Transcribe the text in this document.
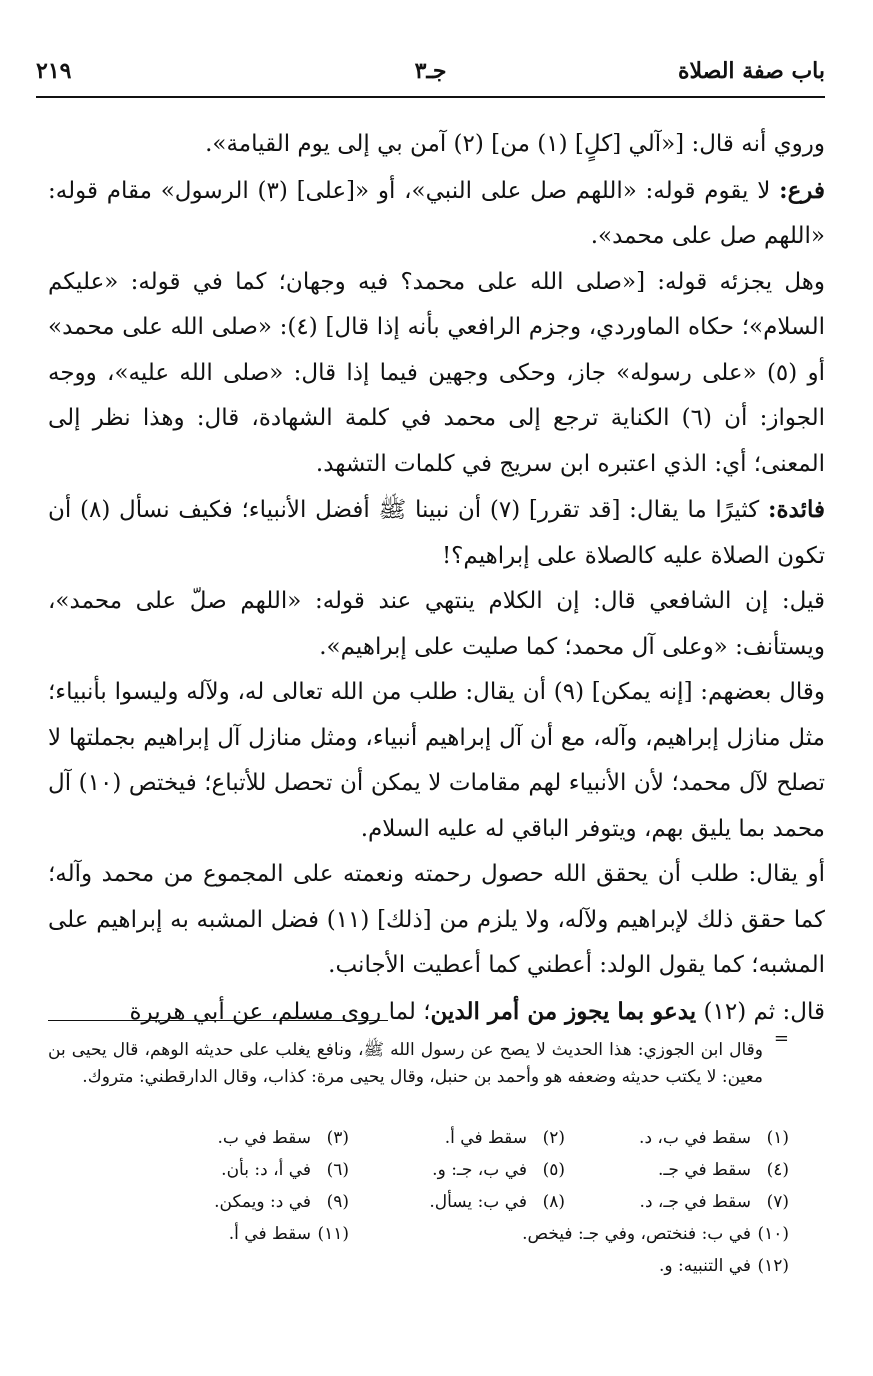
باب صفة الصلاة
جـ٣
٢١٩

وروي أنه قال: [«آلي [كلٍ] (١) من] (٢) آمن بي إلى يوم القيامة».

فرع: لا يقوم قوله: «اللهم صل على النبي»، أو «[على] (٣) الرسول» مقام قوله: «اللهم صل على محمد».

وهل يجزئه قوله: [«صلى الله على محمد؟ فيه وجهان؛ كما في قوله: «عليكم السلام»؛ حكاه الماوردي، وجزم الرافعي بأنه إذا قال] (٤): «صلى الله على محمد» أو (٥) «على رسوله» جاز، وحكى وجهين فيما إذا قال: «صلى الله عليه»، ووجه الجواز: أن (٦) الكناية ترجع إلى محمد في كلمة الشهادة، قال: وهذا نظر إلى المعنى؛ أي: الذي اعتبره ابن سريج في كلمات التشهد.

فائدة: كثيرًا ما يقال: [قد تقرر] (٧) أن نبينا ﷺ أفضل الأنبياء؛ فكيف نسأل (٨) أن تكون الصلاة عليه كالصلاة على إبراهيم؟!

قيل: إن الشافعي قال: إن الكلام ينتهي عند قوله: «اللهم صلّ على محمد»، ويستأنف: «وعلى آل محمد؛ كما صليت على إبراهيم».

وقال بعضهم: [إنه يمكن] (٩) أن يقال: طلب من الله تعالى له، ولآله وليسوا بأنبياء؛ مثل منازل إبراهيم، وآله، مع أن آل إبراهيم أنبياء، ومثل منازل آل إبراهيم بجملتها لا تصلح لآل محمد؛ لأن الأنبياء لهم مقامات لا يمكن أن تحصل للأتباع؛ فيختص (١٠) آل محمد بما يليق بهم، ويتوفر الباقي له عليه السلام.

أو يقال: طلب أن يحقق الله حصول رحمته ونعمته على المجموع من محمد وآله؛ كما حقق ذلك لإبراهيم ولآله، ولا يلزم من [ذلك] (١١) فضل المشبه به إبراهيم على المشبه؛ كما يقول الولد: أعطني كما أعطيت الأجانب.

قال: ثم (١٢) يدعو بما يجوز من أمر الدين؛ لما روى مسلم، عن أبي هريرة

=

وقال ابن الجوزي: هذا الحديث لا يصح عن رسول الله ﷺ، ونافع يغلب على حديثه الوهم، قال يحيى بن معين: لا يكتب حديثه وضعفه هو وأحمد بن حنبل، وقال يحيى مرة: كذاب، وقال الدارقطني: متروك.

(١)سقط في ب، د.
(٢)سقط في أ.
(٣)سقط في ب.
(٤)سقط في جـ.
(٥)في ب، جـ: و.
(٦)في أ، د: بأن.
(٧)سقط في جـ، د.
(٨)في ب: يسأل.
(٩)في د: ويمكن.
(١٠)في ب: فنختص، وفي جـ: فيخص.
(١١)سقط في أ.
(١٢)في التنبيه: و.
